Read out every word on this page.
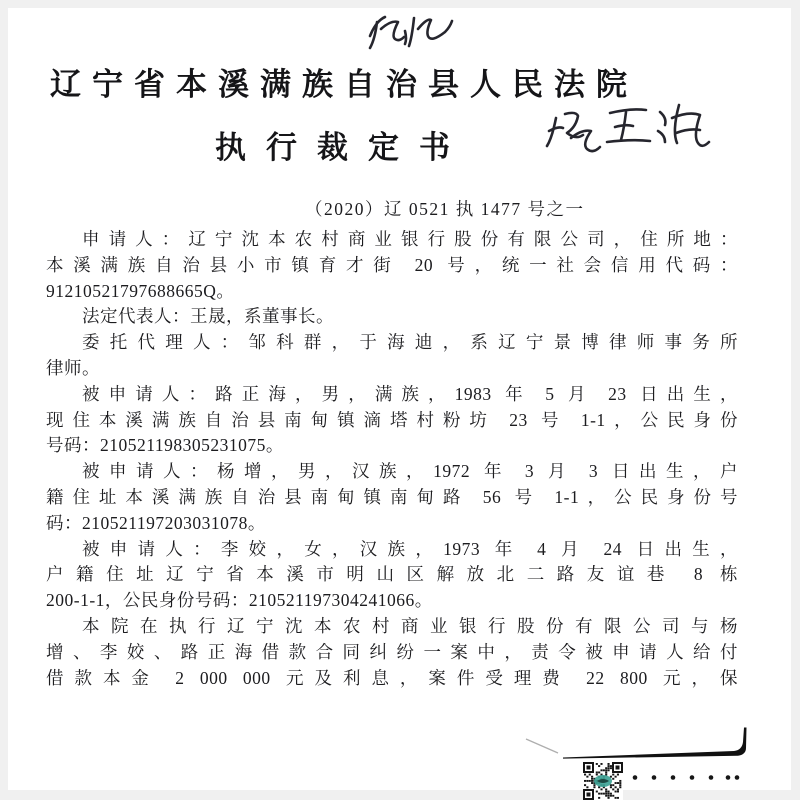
辽宁省本溪满族自治县人民法院
执行裁定书
（2020）辽 0521 执 1477 号之一
申请人：辽宁沈本农村商业银行股份有限公司，住所地：
本溪满族自治县小市镇育才街 20 号，统一社会信用代码：
91210521797688665Q。
法定代表人：王晟，系董事长。
委托代理人：邹科群，于海迪，系辽宁景博律师事务所
律师。
被申请人：路正海，男，满族，1983 年 5 月 23 日出生，
现住本溪满族自治县南甸镇滴塔村粉坊 23 号 1-1，公民身份
号码：210521198305231075。
被申请人：杨增，男，汉族，1972 年 3 月 3 日出生，户
籍住址本溪满族自治县南甸镇南甸路 56 号 1-1，公民身份号
码：210521197203031078。
被申请人：李姣，女，汉族，1973 年 4 月 24 日出生，
户籍住址辽宁省本溪市明山区解放北二路友谊巷 8 栋
200-1-1，公民身份号码：210521197304241066。
本院在执行辽宁沈本农村商业银行股份有限公司与杨
增、李姣、路正海借款合同纠纷一案中，责令被申请人给付
借款本金 2 000 000 元及利息，案件受理费 22 800 元，保
